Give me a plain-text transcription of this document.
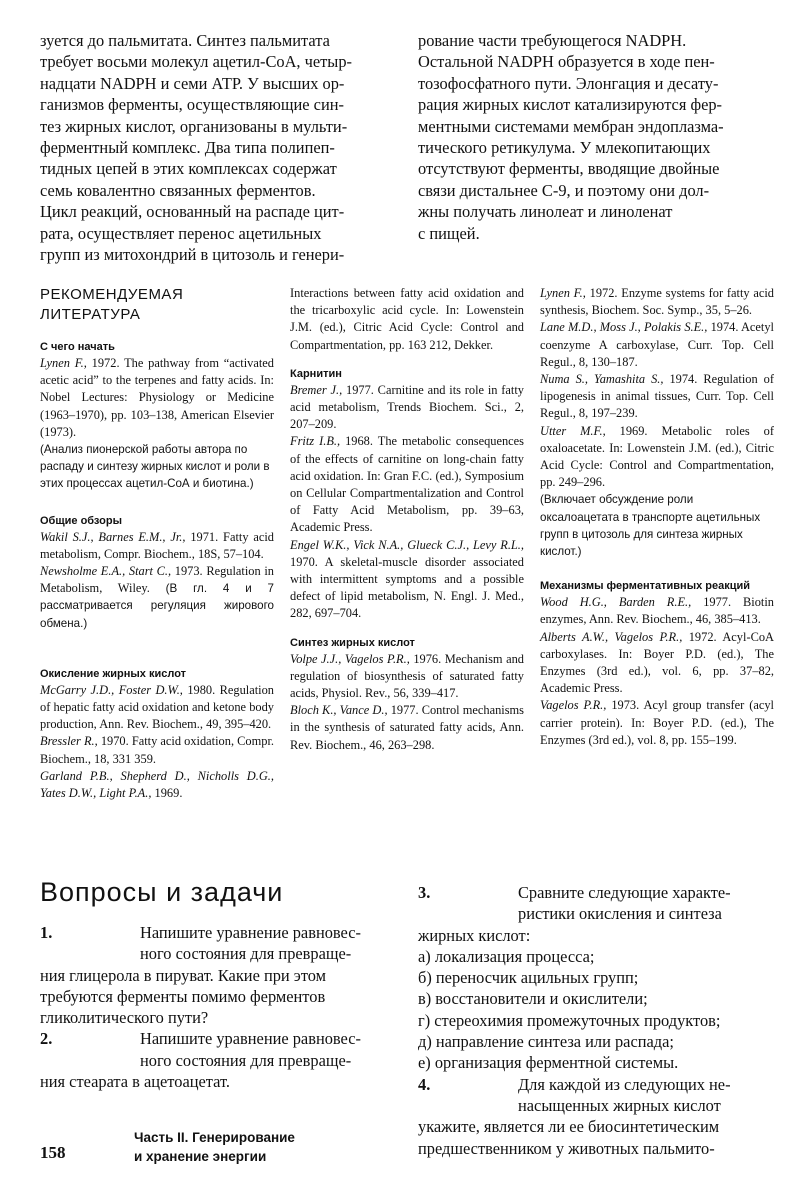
зуется до пальмитата. Синтез пальмитата

требует восьми молекул ацетил-СоА, четыр-

надцати NADPH и семи АТР. У высших ор-

ганизмов ферменты, осуществляющие син-

тез жирных кислот, организованы в мульти-

ферментный комплекс. Два типа полипеп-

тидных цепей в этих комплексах содержат

семь ковалентно связанных ферментов.

Цикл реакций, основанный на распаде цит-

рата, осуществляет перенос ацетильных

групп из митохондрий в цитозоль и генери-

рование части требующегося NADPH.

Остальной NADPH образуется в ходе пен-

тозофосфатного пути. Элонгация и десату-

рация жирных кислот катализируются фер-

ментными системами мембран эндоплазма-

тического ретикулума. У млекопитающих

отсутствуют ферменты, вводящие двойные

связи дистальнее С-9, и поэтому они дол-

жны получать линолеат и линоленат

с пищей.

РЕКОМЕНДУЕМАЯ

ЛИТЕРАТУРА

С чего начать

Lynen F., 1972. The pathway from “activated acetic acid” to the terpenes and fatty acids. In: Nobel Lectures: Physiology or Medicine (1963–1970), pp. 103–138, American Elsevier (1973).

(Анализ пионерской работы автора по распаду и синтезу жирных кислот и роли в этих процессах ацетил-СоА и биотина.)

Общие обзоры

Wakil S.J., Barnes E.M., Jr., 1971. Fatty acid metabolism, Compr. Biochem., 18S, 57–104.

Newsholme E.A., Start C., 1973. Regulation in Metabolism, Wiley. (В гл. 4 и 7 рассматривается регуляция жирового обмена.)

Окисление жирных кислот

McGarry J.D., Foster D.W., 1980. Regulation of hepatic fatty acid oxidation and ketone body production, Ann. Rev. Biochem., 49, 395–420.

Bressler R., 1970. Fatty acid oxidation, Compr. Biochem., 18, 331 359.

Garland P.B., Shepherd D., Nicholls D.G., Yates D.W., Light P.A., 1969.

Interactions between fatty acid oxidation and the tricarboxylic acid cycle. In: Lowenstein J.M. (ed.), Citric Acid Cycle: Control and Compartmentation, pp. 163 212, Dekker.

Карнитин

Bremer J., 1977. Carnitine and its role in fatty acid metabolism, Trends Biochem. Sci., 2, 207–209.

Fritz I.B., 1968. The metabolic consequences of the effects of carnitine on long-chain fatty acid oxidation. In: Gran F.C. (ed.), Symposium on Cellular Compartmentalization and Control of Fatty Acid Metabolism, pp. 39–63, Academic Press.

Engel W.K., Vick N.A., Glueck C.J., Levy R.L., 1970. A skeletal-muscle disorder associated with intermittent symptoms and a possible defect of lipid metabolism, N. Engl. J. Med., 282, 697–704.

Синтез жирных кислот

Volpe J.J., Vagelos P.R., 1976. Mechanism and regulation of biosynthesis of saturated fatty acids, Physiol. Rev., 56, 339–417.

Bloch K., Vance D., 1977. Control mechanisms in the synthesis of saturated fatty acids, Ann. Rev. Biochem., 46, 263–298.

Lynen F., 1972. Enzyme systems for fatty acid synthesis, Biochem. Soc. Symp., 35, 5–26.

Lane M.D., Moss J., Polakis S.E., 1974. Acetyl coenzyme A carboxylase, Curr. Top. Cell Regul., 8, 130–187.

Numa S., Yamashita S., 1974. Regulation of lipogenesis in animal tissues, Curr. Top. Cell Regul., 8, 197–239.

Utter M.F., 1969. Metabolic roles of oxaloacetate. In: Lowenstein J.M. (ed.), Citric Acid Cycle: Control and Compartmentation, pp. 249–296.

(Включает обсуждение роли оксалоацетата в транспорте ацетильных групп в цитозоль для синтеза жирных кислот.)

Механизмы ферментативных реакций

Wood H.G., Barden R.E., 1977. Biotin enzymes, Ann. Rev. Biochem., 46, 385–413.

Alberts A.W., Vagelos P.R., 1972. Acyl-CoA carboxylases. In: Boyer P.D. (ed.), The Enzymes (3rd ed.), vol. 6, pp. 37–82, Academic Press.

Vagelos P.R., 1973. Acyl group transfer (acyl carrier protein). In: Boyer P.D. (ed.), The Enzymes (3rd ed.), vol. 8, pp. 155–199.

Вопросы и задачи

1.	Напишите уравнение равновес-

ного состояния для превраще-

ния глицерола в пируват. Какие при этом

требуются ферменты помимо ферментов

гликолитического пути?

2.	Напишите уравнение равновес-

ного состояния для превраще-

ния стеарата в ацетоацетат.

3.	Сравните следующие характе-

ристики окисления и синтеза

жирных кислот:

а) локализация процесса;

б) переносчик ацильных групп;

в) восстановители и окислители;

г) стереохимия промежуточных продуктов;

д) направление синтеза или распада;

е) организация ферментной системы.

4.	Для каждой из следующих не-

насыщенных жирных кислот

укажите, является ли ее биосинтетическим

предшественником у животных пальмито-

158
Часть II. Генерирование
и хранение энергии
